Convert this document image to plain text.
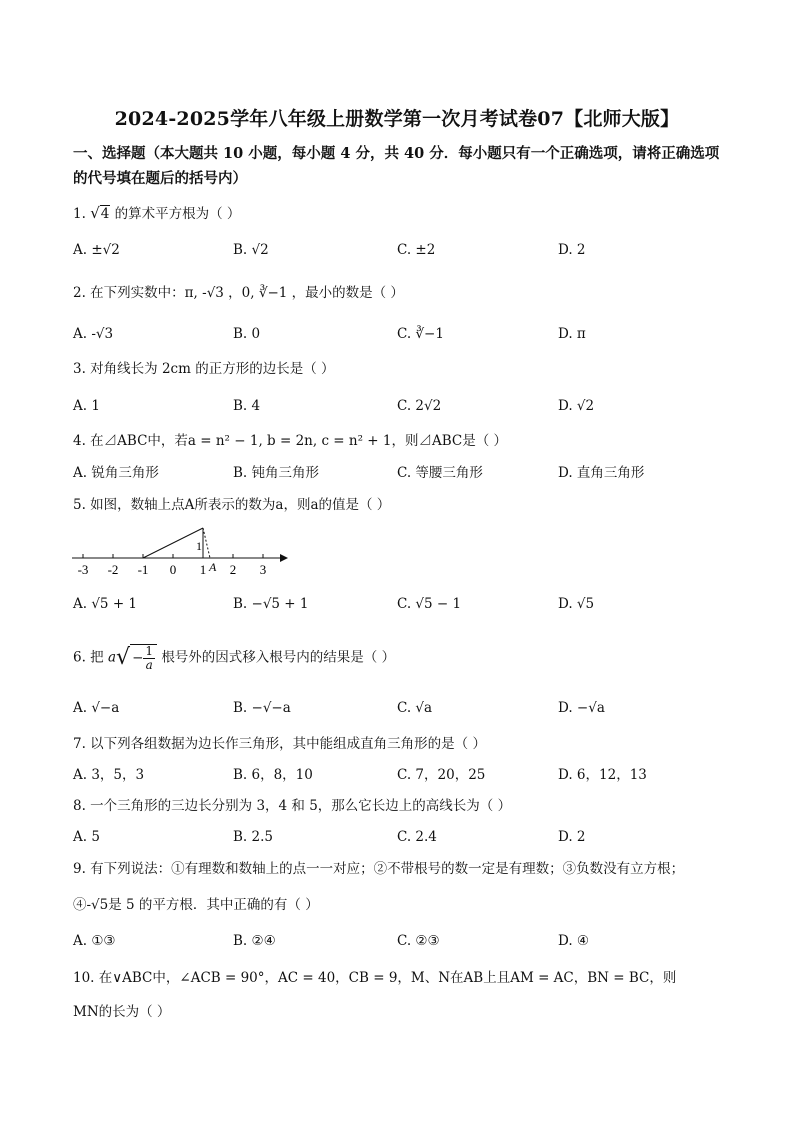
2024-2025学年八年级上册数学第一次月考试卷07【北师大版】
一、选择题（本大题共 10 小题，每小题 4 分，共 40 分．每小题只有一个正确选项，请将正确选项的代号填在题后的括号内）
1. √4 的算术平方根为（ ）
A. ±√2	B. √2	C. ±2	D. 2
2. 在下列实数中：π, -√3 ，0, ∛−1 ，最小的数是（ ）
A. -√3	B. 0	C. ∛−1	D. π
3. 对角线长为 2cm 的正方形的边长是（ ）
A. 1	B. 4	C. 2√2	D. √2
4. 在⊿ABC中，若a = n² − 1, b = 2n, c = n² + 1，则⊿ABC是（ ）
A. 锐角三角形	B. 钝角三角形	C. 等腰三角形	D. 直角三角形
5. 如图，数轴上点A所表示的数为a，则a的值是（ ）
-3 -2 -1 0 1 2 3
1
A
A. √5 + 1	B. −√5 + 1	C. √5 − 1	D. √5
6. 把 $a√ - \frac{1}{a}$ 根号外的因式移入根号内的结果是（ ）
A. √−a	B. −√−a	C. √a	D. −√a
7. 以下列各组数据为边长作三角形，其中能组成直角三角形的是（ ）
A. 3，5，3	B. 6，8，10	C. 7，20，25	D. 6，12，13
8. 一个三角形的三边长分别为 3，4 和 5，那么它长边上的高线长为（ ）
A. 5	B. 2.5	C. 2.4	D. 2
9. 有下列说法：①有理数和数轴上的点一一对应；②不带根号的数一定是有理数；③负数没有立方根；
④-√5是 5 的平方根．其中正确的有（ ）
A. ①③	B. ②④	C. ②③	D. ④
10. 在∨ABC中，∠ACB = 90°，AC = 40，CB = 9，M、N在AB上且AM = AC，BN = BC，则
MN的长为（ ）
